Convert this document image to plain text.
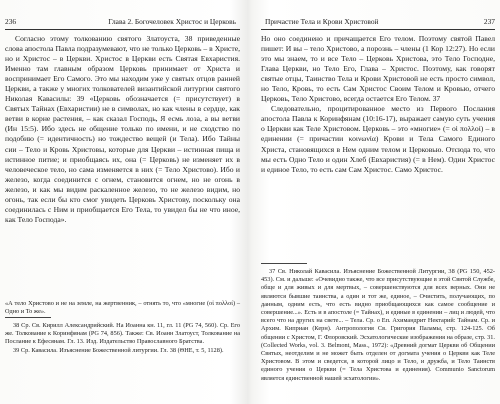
236	Глава 2. Богочеловек Христос и Церковь

Согласно этому толкованию святого Златоуста, 38 приведенные слова апостола Павла подразумевают, что не только Церковь – в Христе, но и Христос – в Церкви. Христос в Церкви есть Святая Евхаристия. Именно там главным образом Церковь принимает от Христа и воспринимает Его Самого. Это мы находим уже у святых отцов ранней Церкви, а также у многих толкователей византийской литургии святого Николая Кавасилы: 39 «Церковь обозначается (= присутствует) в Святых Тайнах (Евхаристии) не в символах, но как члены в сердце, как ветви в корне растения, – как сказал Господь, Я есмь лоза, а вы ветви (Ин 15:5). Ибо здесь не общение только по имени, и не сходство по подобию (= идентичность) но тождество вещей (и Тела). Ибо Тайны сии – Тело и Кровь Христовы, которые для Церкви – истинная пища и истинное питие; и приобщаясь их, она (= Церковь) не изменяет их в человеческое тело, но сама изменяется в них (= Тело Христово). Ибо и железо, когда соединится с огнем, становится огнем, но не огонь в железо, и как мы видим раскаленное железо, то не железо видим, но огонь, так если бы кто смог увидеть Церковь Христову, поскольку она соединилась с Ним и приобщается Его Тела, то увидел бы не что иное, как Тело Господа».

«А тело Христово и не на земле, на жертвенник, – отнять то, что «многие (οἱ πολλοί) – Одно и То же».

38 Ср. Св. Кирилл Александрийский. На Иоанна кн. 11, гл. 11 (PG 74, 560). Ср. Его же. Толкование к Коринфянам (PG 74, 856). Также: Св. Иоанн Златоуст, Толкование на Послание к Ефесянам. Гл. 13. Изд. Издательство Православного Братства.

39 Ср. Кавасила. Изъяснение Божественной литургии. Гл. 38 (ΘΗΕ, т. 5, 1128).

Причастие Тела и Крови Христовой	237

Но оно соединено и причащается Его телом. Поэтому святой Павел пишет: И вы – тело Христово, а порознь – члены (1 Кор 12:27). Но если это мы знаем, то и все Тело – Церковь Христова, это Тело Господне, Глава Церкви, но Тело Его, Глава – Христос. Поэтому, как говорят святые отцы, Таинство Тела и Крови Христовой не есть просто символ, но Тело, Кровь, то есть Сам Христос Своим Телом и Кровью, отчего Церковь, Тело Христово, всегда остается Его Телом. 37

Следовательно, процитированное место из Первого Послания апостола Павла к Коринфянам (10:16-17), выражает самую суть учения о Церкви как Теле Христовом. Церковь – это «многие» (= οἱ πολλοί) – в единении (= причастии κοινωνία) Крови и Тела Самого Единого Христа, становящихся в Нем одним телом и Церковью. Отсюда то, что мы есть Одно Тело и один Хлеб (Евхаристия) (= в Нем). Один Христос и единое Тело, то есть сам Сам Христос. Само Христос.

37 Св. Николай Кавасила. Изъяснение Божественной Литургии, 38 (PG 150, 452-453). См. и дальше: «Очевидно также, что все присутствующие в этой Святой Службе, обще и для живых и для мертвых, – совершенствуются для всех верных. Они не являются бывшие таинства, а один и тот же, единое, – Очистить, получающих, по данным, одним есть, что есть видно приобщающихся как самое сообщение и совершение...». Есть и в апостоле (= Тайнах), и единые в единении – лиц и людей, что всего что на других на свете... – Тела. Ср. о Еп. Ахимандрит Нектарий: Тайнам. Ср. и Архим. Киприан (Керн). Антропология Св. Григория Паламы, стр. 124-125. Об общении с Христом, Г. Флоровский. Эсхатологические изображения на образе, стр. 31. (Collected Works, vol. 3. Belmont, Mass., 1972): «Древний догмат Церкви об Общении Святых, неотделим и не может быть отделен от догмата учения о Церкви как Теле Христовом. В этом и сведется, в которой лицо и Тело, и дружба, и Тело Таинств единого учения о Церкви (= Тела Христова и единения). Communio Sanctorum является единственной нашей эсхатологии».
